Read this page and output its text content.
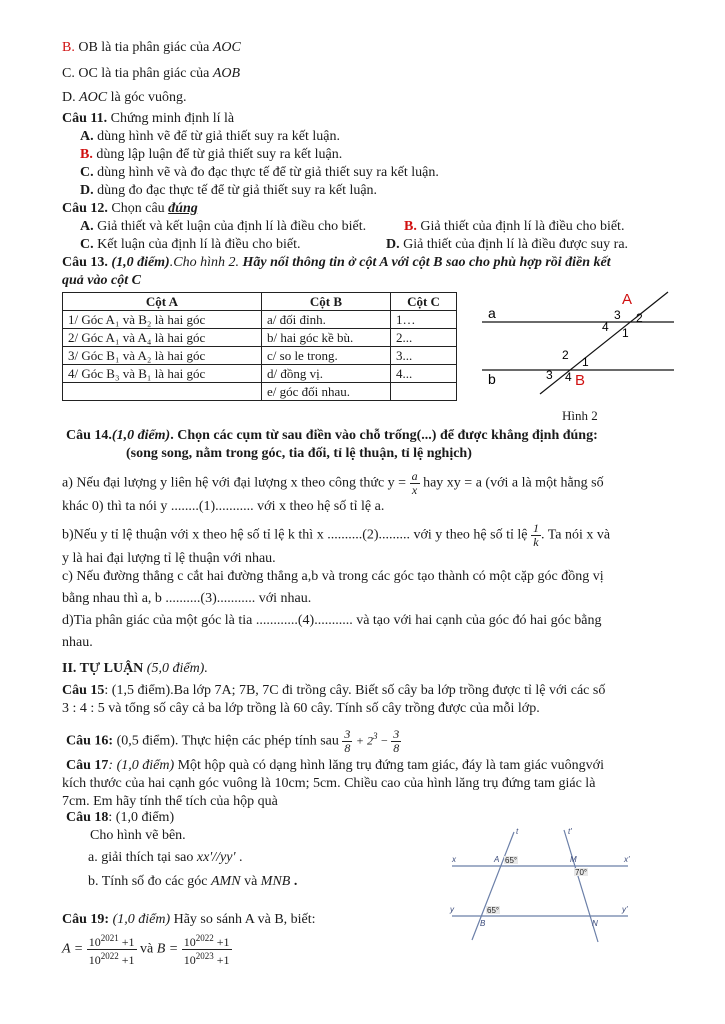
B. OB là tia phân giác của AOC
C. OC là tia phân giác của AOB
D. AOC là góc vuông.
Câu 11. Chứng minh định lí là
A. dùng hình vẽ để từ giả thiết suy ra kết luận.
B. dùng lập luận để từ giả thiết suy ra kết luận.
C. dùng hình vẽ và đo đạc thực tế để từ giả thiết suy ra kết luận.
D. dùng đo đạc thực tế để từ giả thiết suy ra kết luận.
Câu 12. Chọn câu đúng
A. Giả thiết và kết luận của định lí là điều cho biết.	B. Giả thiết của định lí là điều cho biết.
C. Kết luận của định lí là điều cho biết.	D. Giả thiết của định lí là điều được suy ra.
Câu 13. (1,0 điểm).Cho hình 2. Hãy nối thông tin ở cột A với cột B sao cho phù hợp rồi điền kết
quả vào cột C
Cột A	Cột B	Cột C
1/ Góc A₁ và B₂ là hai góc	a/ đối đỉnh.	1…
2/ Góc A₁ và A₄ là hai góc	b/ hai góc kề bù.	2...
3/ Góc B₁ và A₂ là hai góc	c/ so le trong.	3...
4/ Góc B₃ và B₁ là hai góc	d/ đồng vị.	4...
	e/ góc đối nhau.	
A
B
a
b
3 2
4 1
2 1
3 4
Hình 2
Câu 14.(1,0 điểm). Chọn các cụm từ sau điền vào chỗ trống(...) để được khẳng định đúng:
(song song, nằm trong góc, tia đối, tỉ lệ thuận, tỉ lệ nghịch)
a) Nếu đại lượng y liên hệ với đại lượng x theo công thức $y = \frac{a}{x}$ hay xy = a (với a là một hằng số
khác 0) thì ta nói y ........(1)........... với x theo hệ số tỉ lệ a.
b)Nếu y tỉ lệ thuận với x theo hệ số tỉ lệ k thì x ..........(2)......... với y theo hệ số tỉ lệ $\frac{1}{k}$ . Ta nói x và
y là hai đại lượng tỉ lệ thuận với nhau.
c) Nếu đường thẳng c cắt hai đường thẳng a,b và trong các góc tạo thành có một cặp góc đồng vị
bằng nhau thì a, b ..........(3)........... với nhau.
d)Tia phân giác của một góc là tia ............(4)........... và tạo với hai cạnh của góc đó hai góc bằng
nhau.
II. TỰ LUẬN (5,0 điểm).
Câu 15: (1,5 điểm).Ba lớp 7A; 7B, 7C đi trồng cây. Biết số cây ba lớp trồng được tỉ lệ với các số
3 : 4 : 5 và tổng số cây cả ba lớp trồng là 60 cây. Tính số cây trồng được của mỗi lớp.
Câu 16: (0,5 điểm). Thực hiện các phép tính sau $\frac{3}{8} + 2^3 - \frac{3}{8}$
Câu 17: (1,0 điểm) Một hộp quà có dạng hình lăng trụ đứng tam giác, đáy là tam giác vuôngvới
kích thước của hai cạnh góc vuông là 10cm; 5cm. Chiều cao của hình lăng trụ đứng tam giác là
7cm. Em hãy tính thể tích của hộp quà
Câu 18: (1,0 điểm)
Cho hình vẽ bên.
a. giải thích tại sao xx'//yy' .
b. Tính số đo các góc AMN và MNB .
x	x'
y	y'
A	M
B	N
t	t'
65°
70°
65°
Câu 19: (1,0 điểm) Hãy so sánh A và B, biết:
$A = \frac{10^{2021} +1}{10^{2022} +1}$ và $B = \frac{10^{2022} +1}{10^{2023} +1}$
